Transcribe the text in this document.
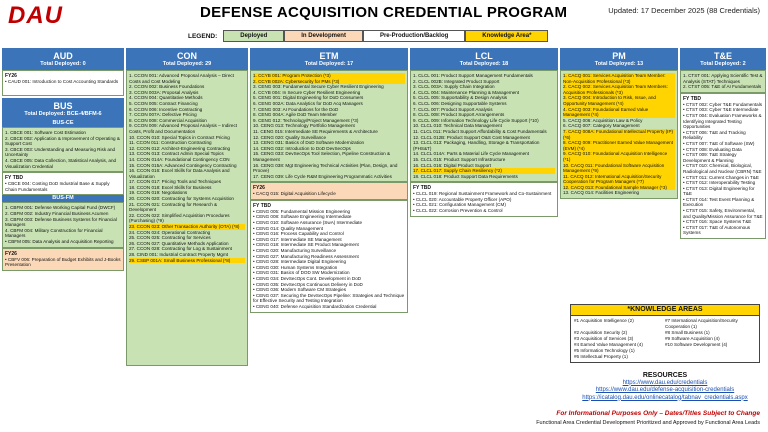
DAU	DEFENSE ACQUISITION CREDENTIAL PROGRAM	Updated: 17 December 2025 (88 Credentials)
LEGEND:	Deployed	In Development	Pre-Production/Backlog	Knowledge Area*
AUD
Total Deployed: 0
FY26
• CAUD 001: Introduction to Cost Accounting Standards
BUS
Total Deployed: BCE-4/BFM-6
BUS-CE
1. CBCE 001: Software Cost Estimation
2. CBCE 002: Application & Improvement of Operating & Support Cost
3. CBCE 003: Understanding and Measuring Risk and Uncertainty
4. CBCE 005: Data Collection, Statistical Analysis, and Visualization Credential
FY TBD
• CBCE 004: Costing DoD Industrial Base & Supply Chain Fundamentals
BUS-FM
1. CBFM 001: Defense Working Capital Fund (DWCF)
2. CBFM 002: Industry Financial Business Acumen
3. CBFM 003: Defense Business Systems for Financial Managers
4. CBFM 004: Military Construction for Financial Managers
• CBFM 005: Data Analysis and Acquisition Reporting
FY26
• CBFV 006: Preparation of Budget Exhibits and J-Books Presentation
CON
Total Deployed: 29
1. CCON 001: Advanced Proposal Analysis – Direct Costs and Cost Modeling
2. CCON 002: Business Foundations
3. CCON 003A: Proposal Analysis
4. CCON 004: Quantitative Methods
5. CCON 005: Contract Financing
6. CCON 006: Incentive Contracting
7. CCON 007A: Defective Pricing
8. CCON 008: Commercial Acquisition
9. CCON 009: Advanced Proposal Analysis – Indirect Costs, Profit and Documentation
10. CCON 010: Special Topics in Contract Pricing
11. CCON 011: Construction Contracting
12. CCON 012: Architect-Engineering Contracting
13. CCON 013: Contract Admin Special Topics
14. CCON 014A: Foundational Contingency CON
15. CCON 015A: Advanced Contingency Contracting
16. CCON 016: Excel Skills for Data Analysis and Visualization
17. CCON 017: Pricing Tools and Techniques
18. CCON 018: Excel Skills for Business
19. CCON 019: Negotiations
20. CCON 020: Contracting for Systems Acquisition
21. CCON 021: Contracting for Research & Development
22. CCON 022: Simplified Acquisition Procedures (Purchasing) (*9)
23. CCON 023: Other Transaction Authority (OTA) (*8)
24. CCON 024: Operational Contracting
25. CCON 025: Contracting for Services
26. CCON 027: Quantitative Methods Application
27. CCON 028: Contracting for Log & Sustainment
28. CIND 001: Industrial Contract Property Mgmt
29. CSBP 001A: Small Business Professional (*8)
ETM
Total Deployed: 17
1. CCYB 001: Program Protection (*3)
2. CCYB 002A: Cybersecurity for PMs (*3)
3. CENG 003: Fundamental Secure Cyber Resilient Engineering
4. CCYB 004: In Secure Cyber Resilient Engineering
5. CENG 001: Digital Engineering for DoD Consumers
6. CENG 002A: Data Analytics for DoD Acq Managers
7. CENG 003: AI Foundations for the DoD
8. CENG 004A: Agile DoD Team Member
9. CENG 012: Technology/Project Management (*3)
10. CENG 013: Technology Portfolio Management
11. CENG 015: Intermediate SE Requirements & Architecture
12. CENG 020: Quality Surveillance
13. CENG 031: Basics of DoD Software Modernization
14. CENG 032: Introduction to DoD DevSecOps
15. CENG 033: DevSecOps Tool Selection, Pipeline Construction & Management
16. CENG 038: Mgt Engineering Technical Activities (Plan, Design, and Proove)
17. CENG 039: Life Cycle R&M Engineering Programmatic Activities
FY26
• CACQ 015: Digital Acquisition Lifecycle
FY TBD
• CENG 005: Fundamental Mission Engineering
• CENG 008: Software Engineering Intermediate
• CENG 010: Software Assurance (SwA) Intermediate
• CENG 014: Quality Management
• CENG 016: Process Capability and Control
• CENG 017: Intermediate SE Management
• CENG 018: Intermediate SE Product Management
• CENG 020: Manufacturing Surveillance
• CENG 027: Manufacturing Readiness Assessment
• CENG 028: Intermediate Digital Engineering
• CENG 030: Human Systems Integration
• CENG 031: Basics of DOD SW Modernization
• CENG 034: DevSecOps Cont. Development in DoD
• CENG 035: DevSecOps Continuous Delivery in DoD
• CENG 036: Modern Software CM Strategies
• CENG 037: Securing the DevSecOps Pipeline: Strategies and Technique for Effective Security and Testing Integration
• CENG 040: Defense Acquisition Standardization Credential
LCL
Total Deployed: 18
1. CLCL 001: Product Support Management Fundamentals
2. CLCL 002B: Integrated Product Support
3. CLCL 003A: Supply Chain Integration
4. CLCL 004: Maintenance Planning & Management
5. CLCL 005: Supportability & Design Analysis
6. CLCL 006: Designing Supportable Systems
7. CLCL 007: Product Support Analysis
8. CLCL 008: Product Support Arrangements
9. CLCL 009: Information Technology Life Cycle Support (*10)
10. CLCL 010: Technical Data Management
11. CLCL 011: Product Support Affordability & Cost Fundamentals
12. CLCL 012B: Product Support O&S Cost Management
13. CLCL 013: Packaging, Handling, Storage & Transportation (PHS&T)
14. CLCL 014A: Parts & Material Life Cycle Management
15. CLCL 015: Product Support Infrastructure
16. CLCL 016: Digital Product Support
17. CLCL 017: Supply Chain Resiliency (*2)
18. CLCL 018: Product Support Data Requirements
FY TBD
• CLCL 019: Regional Sustainment Framework and Co-Sustainment
• CLCL 020: Accountable Property Officer (APO)
• CLCL 021: Configuration Management (CM)
• CLCL 022: Corrosion Prevention & Control
PM
Total Deployed: 13
1. CACQ 001: Services Acquisition Team Member: Non-Acquisition Professional (*3)
2. CACQ 002: Services Acquisition Team Members: Acquisition Professionals (*3)
3. CACQ 004: Introduction to Risk, Issue, and Opportunity Management (*4)
4. CACQ 003: Foundational Earned Value Management (*4)
5. CACQ 006: Acquisition Law & Policy
6. CACQ 007: Category Management
7. CACQ 008A: Foundational Intellectual Property (IP) (*6)
8. CACQ 009: Practitioner Earned Value Management (EVM) (*4)
9. CACQ 010: Foundational Acquisition Intelligence (*1)
10. CACQ 011: Foundational Software Acquisition Management (*9)
11. CACQ 012: International Acquisition/Security Cooperation for Program Managers (*7)
12. CACQ 013: Foundational Sample Manager (*3)
13. CACQ 014: Facilities Engineering
T&E
Total Deployed: 2
1. CTST 001: Applying Scientific Test & Analysis (STAT) Techniques
2. CTST 005: T&E of AI Fundamentals
FY TBD
• CTST 002: Cyber T&E Fundamentals
• CTST 003: Cyber T&E Intermediate
• CTST 004: Evaluation Frameworks & Identifying Integrated Testing Opportunities
• CTST 006: T&E and Tracking Reliability
• CTST 007: T&E of Software (SW)
• CTST 008: Evaluating Data
• CTST 009: T&E Strategy Development & Planning
• CTST 010: Chemical, Biological, Radiological and Nuclear (CBRN) T&E
• CTST 011: Current Changes in T&E
• CTST 012: Interoperability Testing
• CTST 013: Digital Engineering for T&E
• CTST 014: Test Event Planning & Execution
• CTST 015: Safety, Environmental, and Quality/Mission Assurance for T&E
• CTST 016: Space Systems T&E
• CTST 017: T&E of Autonomous Systems
*KNOWLEDGE AREAS
#1 Acquisition Intelligence (2)	#7 International Acquisition/Security Cooperation (1)
#2 Acquisition Security (2)	#8 Small Business (1)
#3 Acquisition of Services (3)	#9 Software Acquisition (4)
#4 Earned Value Management (4)	#10 Software Development (4)
#5 Information Technology (1)
#6 Intellectual Property (1)
RESOURCES
https://www.dau.edu/credentials
https://www.dau.edu/defense-acquisition-credentials
https://icatalog.dau.edu/onlinecatalog/tabnav_credentials.aspx
For Informational Purposes Only – Dates/Titles Subject to Change
Functional Area Credential Development Prioritized and Approved by Functional Area Leads
